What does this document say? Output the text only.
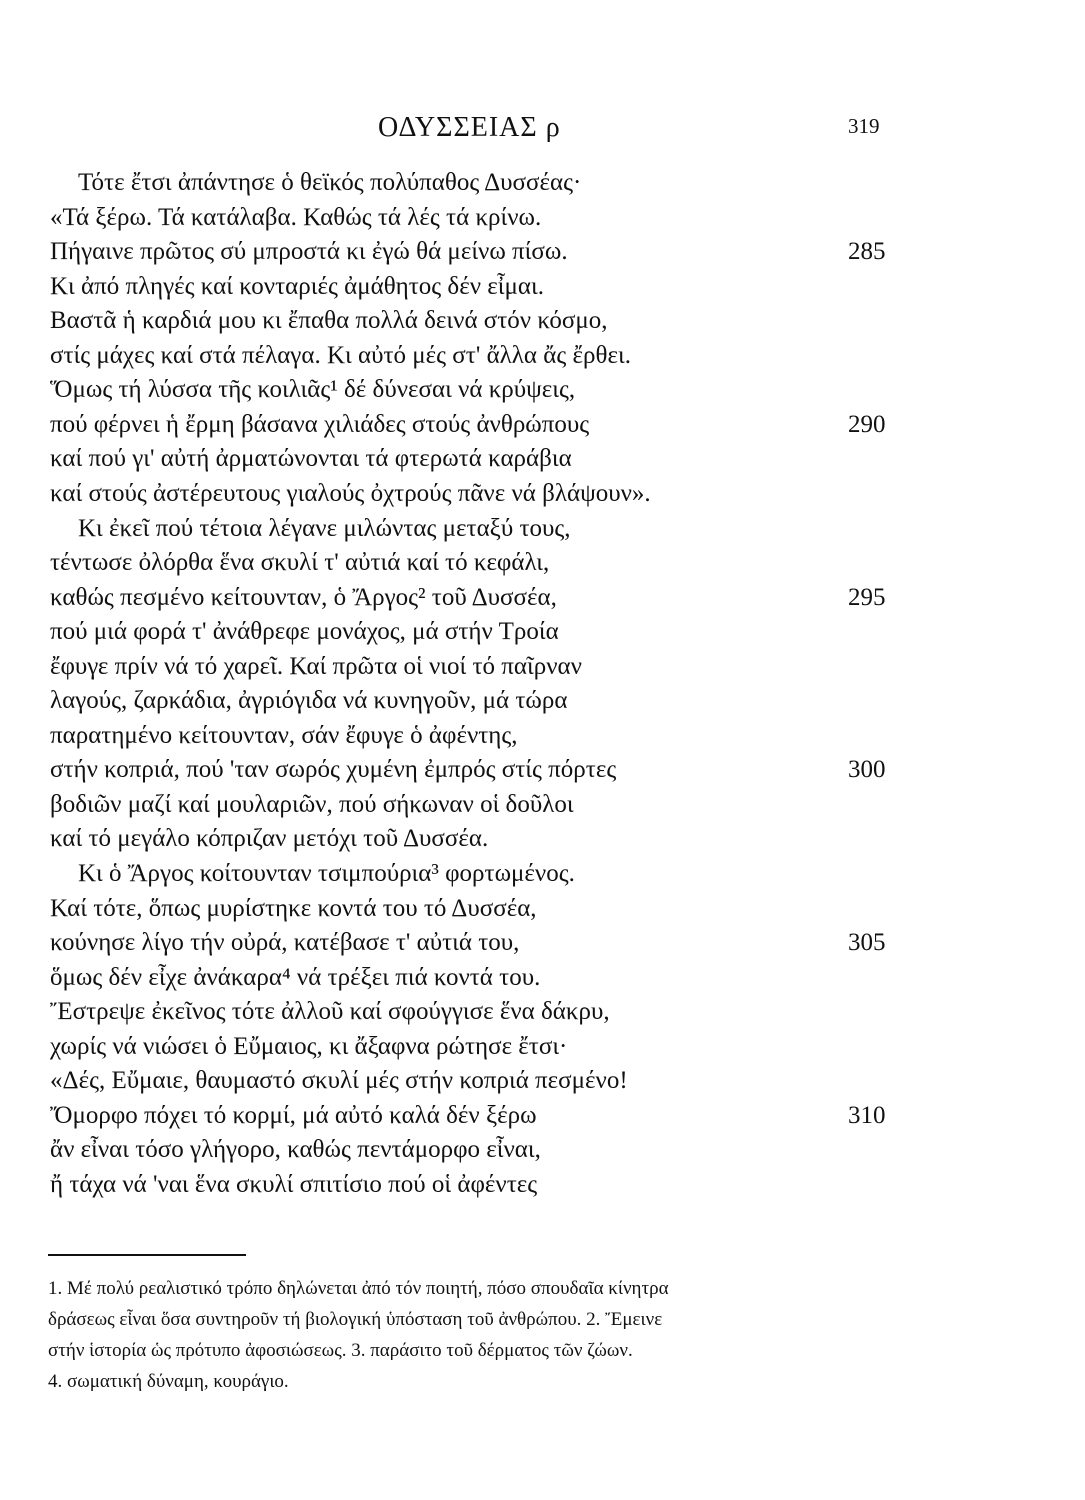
ΟΔΥΣΣΕΙΑΣ ρ	319
Τότε ἔτσι ἀπάντησε ὁ θεϊκός πολύπαθος Δυσσέας·
«Τά ξέρω. Τά κατάλαβα. Καθώς τά λές τά κρίνω.
Πήγαινε πρῶτος σύ μπροστά κι ἐγώ θά μείνω πίσω.	285
Κι ἀπό πληγές καί κονταριές ἀμάθητος δέν εἶμαι.
Βαστᾶ ἡ καρδιά μου κι ἔπαθα πολλά δεινά στόν κόσμο,
στίς μάχες καί στά πέλαγα. Κι αὐτό μές στ' ἄλλα ἄς ἔρθει.
Ὅμως τή λύσσα τῆς κοιλιᾶς¹ δέ δύνεσαι νά κρύψεις,
πού φέρνει ἡ ἔρμη βάσανα χιλιάδες στούς ἀνθρώπους	290
καί πού γι' αὐτή ἀρματώνονται τά φτερωτά καράβια
καί στούς ἀστέρευτους γιαλούς ὀχτρούς πᾶνε νά βλάψουν».
Κι ἐκεῖ πού τέτοια λέγανε μιλώντας μεταξύ τους,
τέντωσε ὀλόρθα ἕνα σκυλί τ' αὐτιά καί τό κεφάλι,
καθώς πεσμένο κείτουνταν, ὁ Ἄργος² τοῦ Δυσσέα,	295
πού μιά φορά τ' ἀνάθρεφε μονάχος, μά στήν Τροία
ἔφυγε πρίν νά τό χαρεῖ. Καί πρῶτα οἱ νιοί τό παῖρναν
λαγούς, ζαρκάδια, ἀγριόγιδα νά κυνηγοῦν, μά τώρα
παρατημένο κείτουνταν, σάν ἔφυγε ὁ ἀφέντης,
στήν κοπριά, πού 'ταν σωρός χυμένη ἐμπρός στίς πόρτες	300
βοδιῶν μαζί καί μουλαριῶν, πού σήκωναν οἱ δοῦλοι
καί τό μεγάλο κόπριζαν μετόχι τοῦ Δυσσέα.
Κι ὁ Ἄργος κοίτουνταν τσιμπούρια³ φορτωμένος.
Καί τότε, ὅπως μυρίστηκε κοντά του τό Δυσσέα,
κούνησε λίγο τήν οὐρά, κατέβασε τ' αὐτιά του,	305
ὅμως δέν εἶχε ἀνάκαρα⁴ νά τρέξει πιά κοντά του.
Ἔστρεψε ἐκεῖνος τότε ἀλλοῦ καί σφούγγισε ἕνα δάκρυ,
χωρίς νά νιώσει ὁ Εὔμαιος, κι ἄξαφνα ρώτησε ἔτσι·
«Δές, Εὔμαιε, θαυμαστό σκυλί μές στήν κοπριά πεσμένο!
Ὄμορφο πόχει τό κορμί, μά αὐτό καλά δέν ξέρω	310
ἄν εἶναι τόσο γλήγορο, καθώς πεντάμορφο εἶναι,
ἤ τάχα νά 'ναι ἕνα σκυλί σπιτίσιο πού οἱ ἀφέντες
1. Μέ πολύ ρεαλιστικό τρόπο δηλώνεται ἀπό τόν ποιητή, πόσο σπουδαῖα κίνητρα
δράσεως εἶναι ὅσα συντηροῦν τή βιολογική ὑπόσταση τοῦ ἀνθρώπου. 2. Ἔμεινε
στήν ἱστορία ὡς πρότυπο ἀφοσιώσεως. 3. παράσιτο τοῦ δέρματος τῶν ζώων.
4. σωματική δύναμη, κουράγιο.
